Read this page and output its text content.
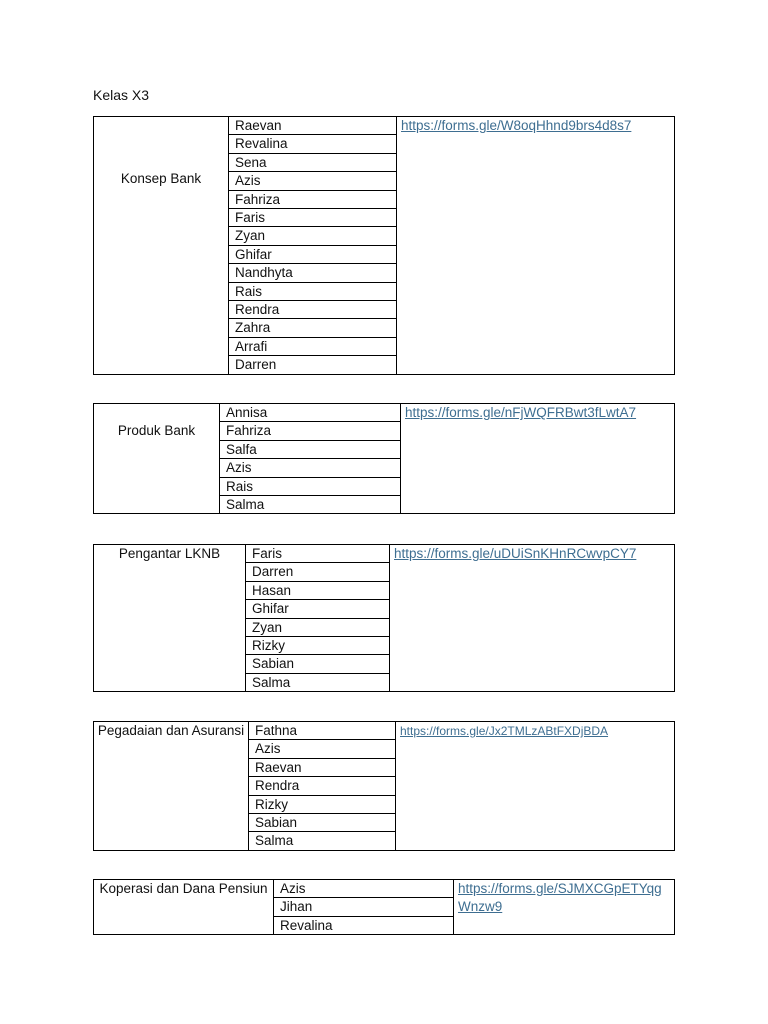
Kelas X3
Konsep Bank	Raevan	https://forms.gle/W8oqHhnd9brs4d8s7
Revalina
Sena
Azis
Fahriza
Faris
Zyan
Ghifar
Nandhyta
Rais
Rendra
Zahra
Arrafi
Darren
Produk Bank	Annisa	https://forms.gle/nFjWQFRBwt3fLwtA7
Fahriza
Salfa
Azis
Rais
Salma
Pengantar LKNB	Faris	https://forms.gle/uDUiSnKHnRCwvpCY7
Darren
Hasan
Ghifar
Zyan
Rizky
Sabian
Salma
Pegadaian dan Asuransi	Fathna	https://forms.gle/Jx2TMLzABtFXDjBDA
Azis
Raevan
Rendra
Rizky
Sabian
Salma
Koperasi dan Dana Pensiun	Azis	https://forms.gle/SJMXCGpETYqgWnzw9
Jihan
Revalina
